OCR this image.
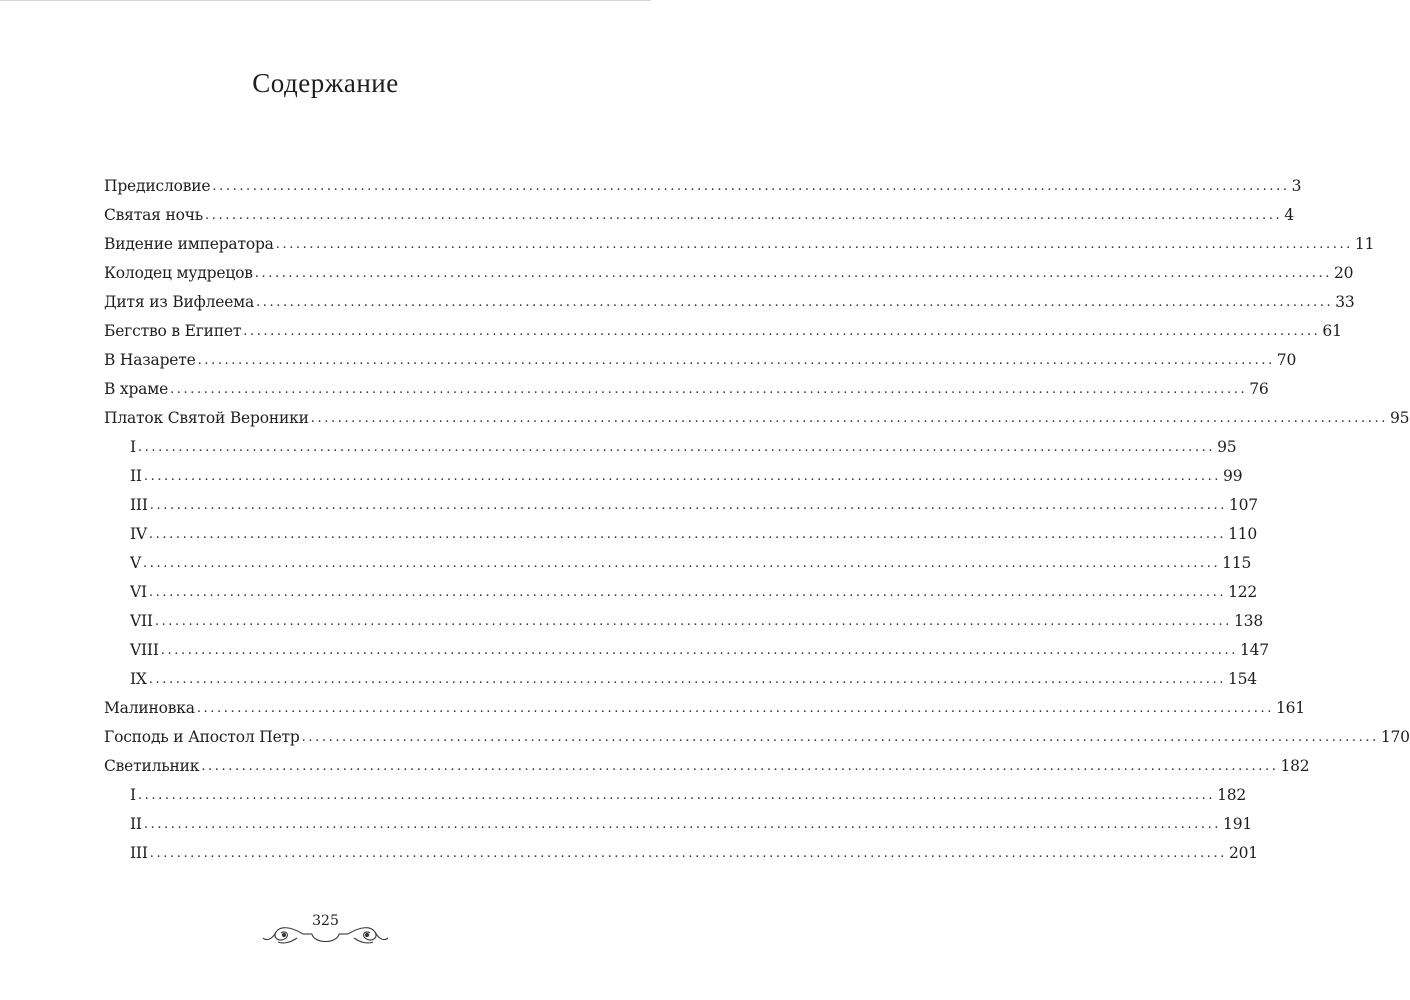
Содержание
Предисловие ................................................................................................................................................................ 3
Святая ночь ................................................................................................................................................................ 4
Видение императора ................................................................................................................................................................ 11
Колодец мудрецов ................................................................................................................................................................ 20
Дитя из Вифлеема ................................................................................................................................................................ 33
Бегство в Египет ................................................................................................................................................................ 61
В Назарете ................................................................................................................................................................ 70
В храме ................................................................................................................................................................ 76
Платок Святой Вероники ................................................................................................................................................................ 95
I ................................................................................................................................................................ 95
II ................................................................................................................................................................ 99
III ................................................................................................................................................................ 107
IV ................................................................................................................................................................ 110
V ................................................................................................................................................................ 115
VI ................................................................................................................................................................ 122
VII ................................................................................................................................................................ 138
VIII ................................................................................................................................................................ 147
IX ................................................................................................................................................................ 154
Малиновка ................................................................................................................................................................ 161
Господь и Апостол Петр ................................................................................................................................................................ 170
Светильник ................................................................................................................................................................ 182
I ................................................................................................................................................................ 182
II ................................................................................................................................................................ 191
III ................................................................................................................................................................ 201
325
